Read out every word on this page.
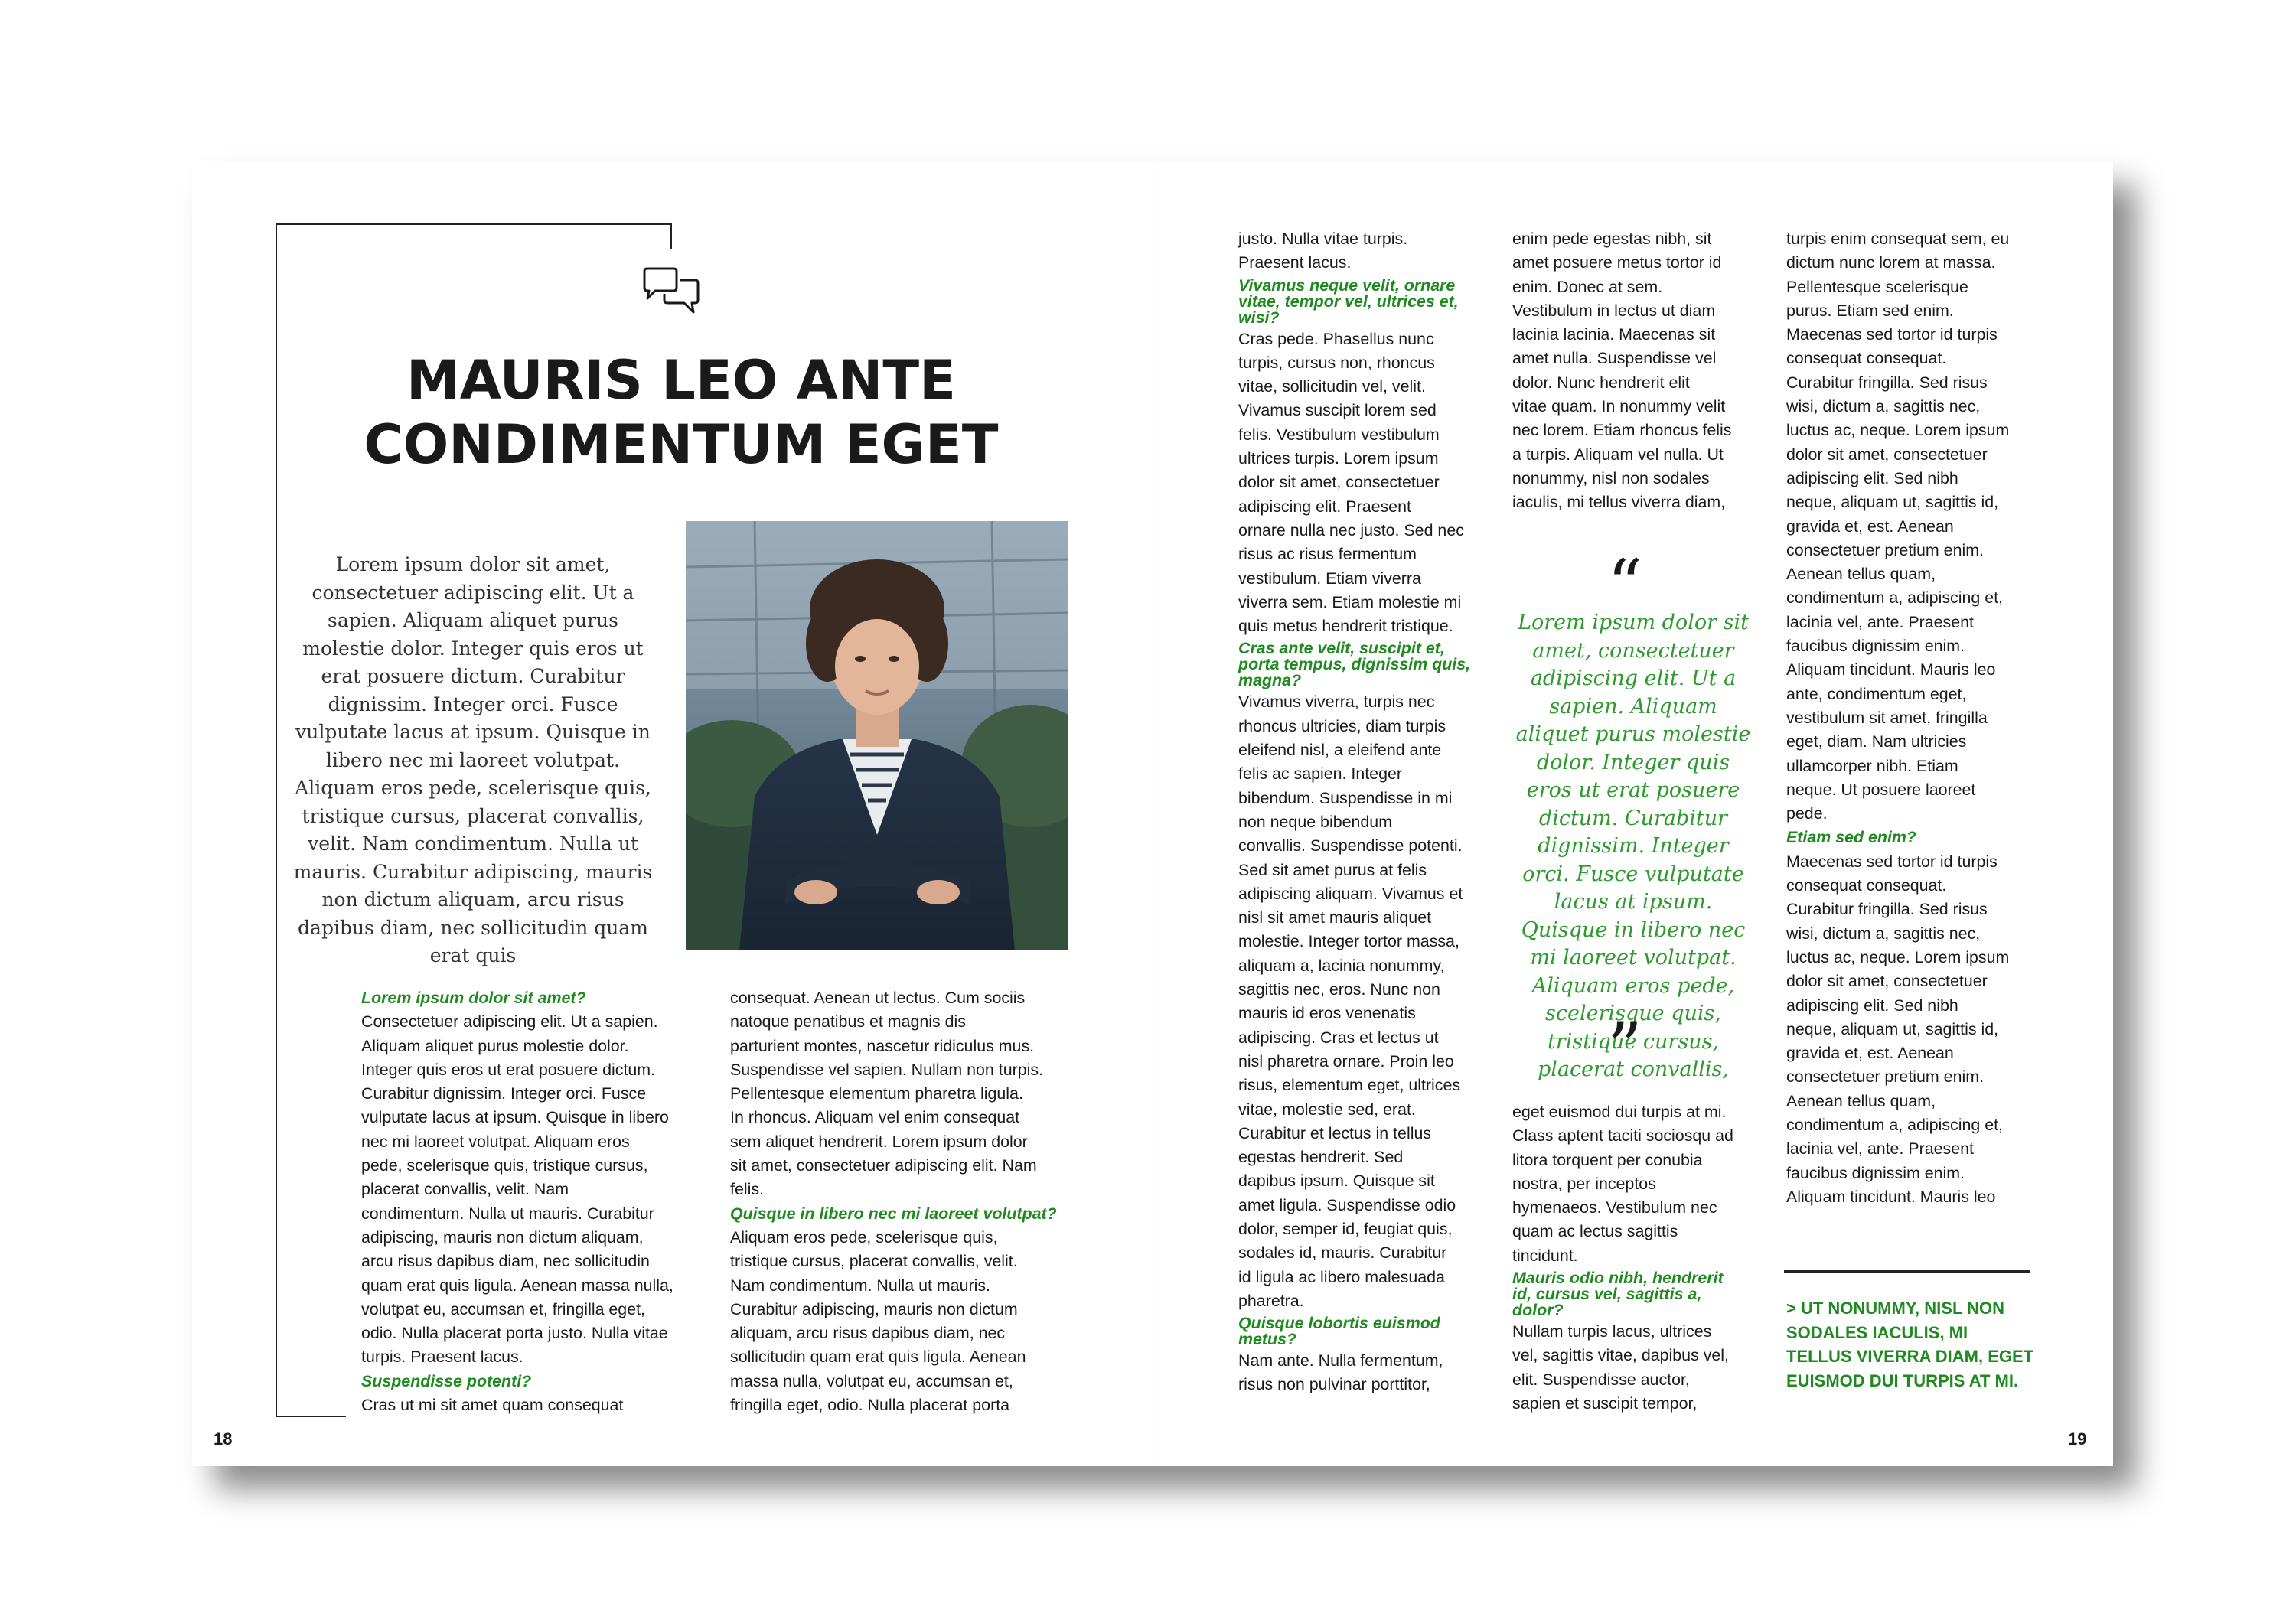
MAURIS LEO ANTE
CONDIMENTUM EGET

Lorem ipsum dolor sit amet, consectetuer adipiscing elit. Ut a sapien. Aliquam aliquet purus molestie dolor. Integer quis eros ut erat posuere dictum. Curabitur dignissim. Integer orci. Fusce vulputate lacus at ipsum. Quisque in libero nec mi laoreet volutpat. Aliquam eros pede, scelerisque quis, tristique cursus, placerat convallis, velit. Nam condimentum. Nulla ut mauris. Curabitur adipiscing, mauris non dictum aliquam, arcu risus dapibus diam, nec sollicitudin quam erat quis

Lorem ipsum dolor sit amet?
Consectetuer adipiscing elit. Ut a sapien.
Aliquam aliquet purus molestie dolor.
Integer quis eros ut erat posuere dictum.
Curabitur dignissim. Integer orci. Fusce
vulputate lacus at ipsum. Quisque in libero
nec mi laoreet volutpat. Aliquam eros
pede, scelerisque quis, tristique cursus,
placerat convallis, velit. Nam
condimentum. Nulla ut mauris. Curabitur
adipiscing, mauris non dictum aliquam,
arcu risus dapibus diam, nec sollicitudin
quam erat quis ligula. Aenean massa nulla,
volutpat eu, accumsan et, fringilla eget,
odio. Nulla placerat porta justo. Nulla vitae
turpis. Praesent lacus.
Suspendisse potenti?
Cras ut mi sit amet quam consequat
consequat. Aenean ut lectus. Cum sociis
natoque penatibus et magnis dis
parturient montes, nascetur ridiculus mus.
Suspendisse vel sapien. Nullam non turpis.
Pellentesque elementum pharetra ligula.
In rhoncus. Aliquam vel enim consequat
sem aliquet hendrerit. Lorem ipsum dolor
sit amet, consectetuer adipiscing elit. Nam
felis.
Quisque in libero nec mi laoreet volutpat?
Aliquam eros pede, scelerisque quis,
tristique cursus, placerat convallis, velit.
Nam condimentum. Nulla ut mauris.
Curabitur adipiscing, mauris non dictum
aliquam, arcu risus dapibus diam, nec
sollicitudin quam erat quis ligula. Aenean
massa nulla, volutpat eu, accumsan et,
fringilla eget, odio. Nulla placerat porta
18
justo. Nulla vitae turpis.
Praesent lacus.
Vivamus neque velit, ornare
vitae, tempor vel, ultrices et,
wisi?
Cras pede. Phasellus nunc
turpis, cursus non, rhoncus
vitae, sollicitudin vel, velit.
Vivamus suscipit lorem sed
felis. Vestibulum vestibulum
ultrices turpis. Lorem ipsum
dolor sit amet, consectetuer
adipiscing elit. Praesent
ornare nulla nec justo. Sed nec
risus ac risus fermentum
vestibulum. Etiam viverra
viverra sem. Etiam molestie mi
quis metus hendrerit tristique.
Cras ante velit, suscipit et,
porta tempus, dignissim quis,
magna?
Vivamus viverra, turpis nec
rhoncus ultricies, diam turpis
eleifend nisl, a eleifend ante
felis ac sapien. Integer
bibendum. Suspendisse in mi
non neque bibendum
convallis. Suspendisse potenti.
Sed sit amet purus at felis
adipiscing aliquam. Vivamus et
nisl sit amet mauris aliquet
molestie. Integer tortor massa,
aliquam a, lacinia nonummy,
sagittis nec, eros. Nunc non
mauris id eros venenatis
adipiscing. Cras et lectus ut
nisl pharetra ornare. Proin leo
risus, elementum eget, ultrices
vitae, molestie sed, erat.
Curabitur et lectus in tellus
egestas hendrerit. Sed
dapibus ipsum. Quisque sit
amet ligula. Suspendisse odio
dolor, semper id, feugiat quis,
sodales id, mauris. Curabitur
id ligula ac libero malesuada
pharetra.
Quisque lobortis euismod
metus?
Nam ante. Nulla fermentum,
risus non pulvinar porttitor,
enim pede egestas nibh, sit
amet posuere metus tortor id
enim. Donec at sem.
Vestibulum in lectus ut diam
lacinia lacinia. Maecenas sit
amet nulla. Suspendisse vel
dolor. Nunc hendrerit elit
vitae quam. In nonummy velit
nec lorem. Etiam rhoncus felis
a turpis. Aliquam vel nulla. Ut
nonummy, nisl non sodales
iaculis, mi tellus viverra diam,
“

Lorem ipsum dolor sit amet, consectetuer adipiscing elit. Ut a sapien. Aliquam aliquet purus molestie dolor. Integer quis eros ut erat posuere dictum. Curabitur dignissim. Integer orci. Fusce vulputate lacus at ipsum. Quisque in libero nec mi laoreet volutpat. Aliquam eros pede, scelerisque quis, tristique cursus, placerat convallis,

”
eget euismod dui turpis at mi.
Class aptent taciti sociosqu ad
litora torquent per conubia
nostra, per inceptos
hymenaeos. Vestibulum nec
quam ac lectus sagittis
tincidunt.
Mauris odio nibh, hendrerit
id, cursus vel, sagittis a,
dolor?
Nullam turpis lacus, ultrices
vel, sagittis vitae, dapibus vel,
elit. Suspendisse auctor,
sapien et suscipit tempor,
turpis enim consequat sem, eu
dictum nunc lorem at massa.
Pellentesque scelerisque
purus. Etiam sed enim.
Maecenas sed tortor id turpis
consequat consequat.
Curabitur fringilla. Sed risus
wisi, dictum a, sagittis nec,
luctus ac, neque. Lorem ipsum
dolor sit amet, consectetuer
adipiscing elit. Sed nibh
neque, aliquam ut, sagittis id,
gravida et, est. Aenean
consectetuer pretium enim.
Aenean tellus quam,
condimentum a, adipiscing et,
lacinia vel, ante. Praesent
faucibus dignissim enim.
Aliquam tincidunt. Mauris leo
ante, condimentum eget,
vestibulum sit amet, fringilla
eget, diam. Nam ultricies
ullamcorper nibh. Etiam
neque. Ut posuere laoreet
pede.
Etiam sed enim?
Maecenas sed tortor id turpis
consequat consequat.
Curabitur fringilla. Sed risus
wisi, dictum a, sagittis nec,
luctus ac, neque. Lorem ipsum
dolor sit amet, consectetuer
adipiscing elit. Sed nibh
neque, aliquam ut, sagittis id,
gravida et, est. Aenean
consectetuer pretium enim.
Aenean tellus quam,
condimentum a, adipiscing et,
lacinia vel, ante. Praesent
faucibus dignissim enim.
Aliquam tincidunt. Mauris leo

> UT NONUMMY, NISL NON SODALES IACULIS, MI TELLUS VIVERRA DIAM, EGET EUISMOD DUI TURPIS AT MI.

19
